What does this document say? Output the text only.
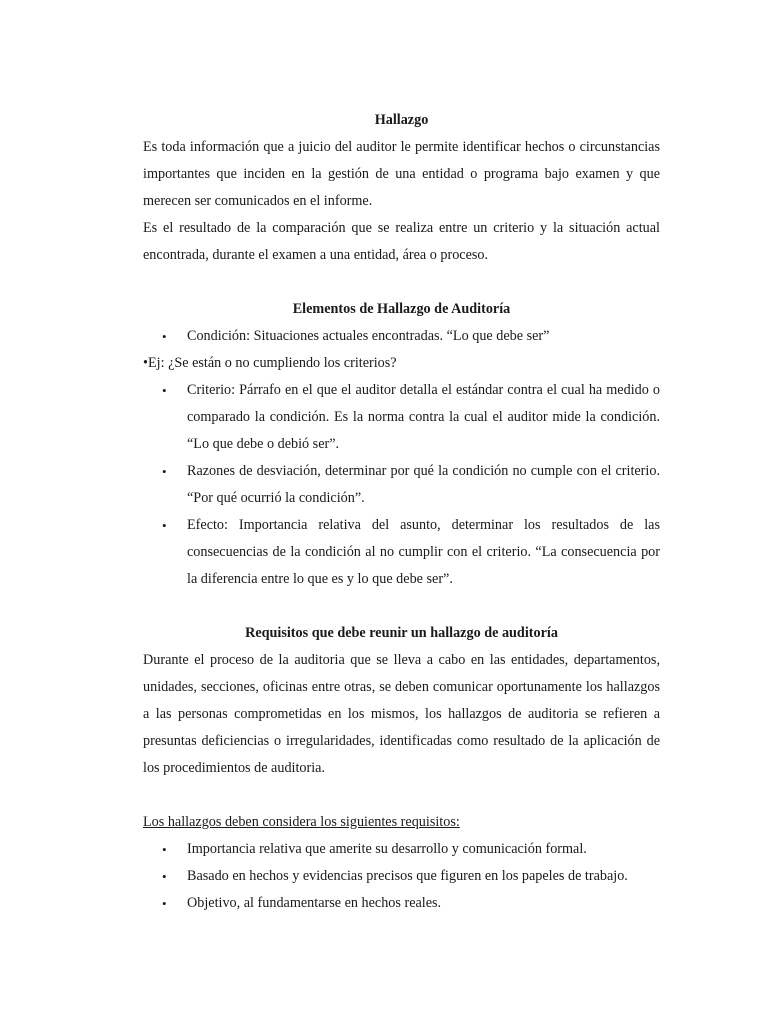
Hallazgo

Es toda información que a juicio del auditor le permite identificar hechos o circunstancias importantes que inciden en la gestión de una entidad o programa bajo examen y que merecen ser comunicados en el informe.

Es el resultado de la comparación que se realiza entre un criterio y la situación actual encontrada, durante el examen a una entidad, área o proceso.

Elementos de Hallazgo de Auditoría

• Condición: Situaciones actuales encontradas. “Lo que debe ser”

•Ej: ¿Se están o no cumpliendo los criterios?

• Criterio: Párrafo en el que el auditor detalla el estándar contra el cual ha medido o comparado la condición. Es la norma contra la cual el auditor mide la condición. “Lo que debe o debió ser”.
• Razones de desviación, determinar por qué la condición no cumple con el criterio. “Por qué ocurrió la condición”.
• Efecto: Importancia relativa del asunto, determinar los resultados de las consecuencias de la condición al no cumplir con el criterio. “La consecuencia por la diferencia entre lo que es y lo que debe ser”.

Requisitos que debe reunir un hallazgo de auditoría

Durante el proceso de la auditoria que se lleva a cabo en las entidades, departamentos, unidades, secciones, oficinas entre otras, se deben comunicar oportunamente los hallazgos a las personas comprometidas en los mismos, los hallazgos de auditoria se refieren a presuntas deficiencias o irregularidades, identificadas como resultado de la aplicación de los procedimientos de auditoria.

Los hallazgos deben considera los siguientes requisitos:

• Importancia relativa que amerite su desarrollo y comunicación formal.
• Basado en hechos y evidencias precisos que figuren en los papeles de trabajo.
• Objetivo, al fundamentarse en hechos reales.
